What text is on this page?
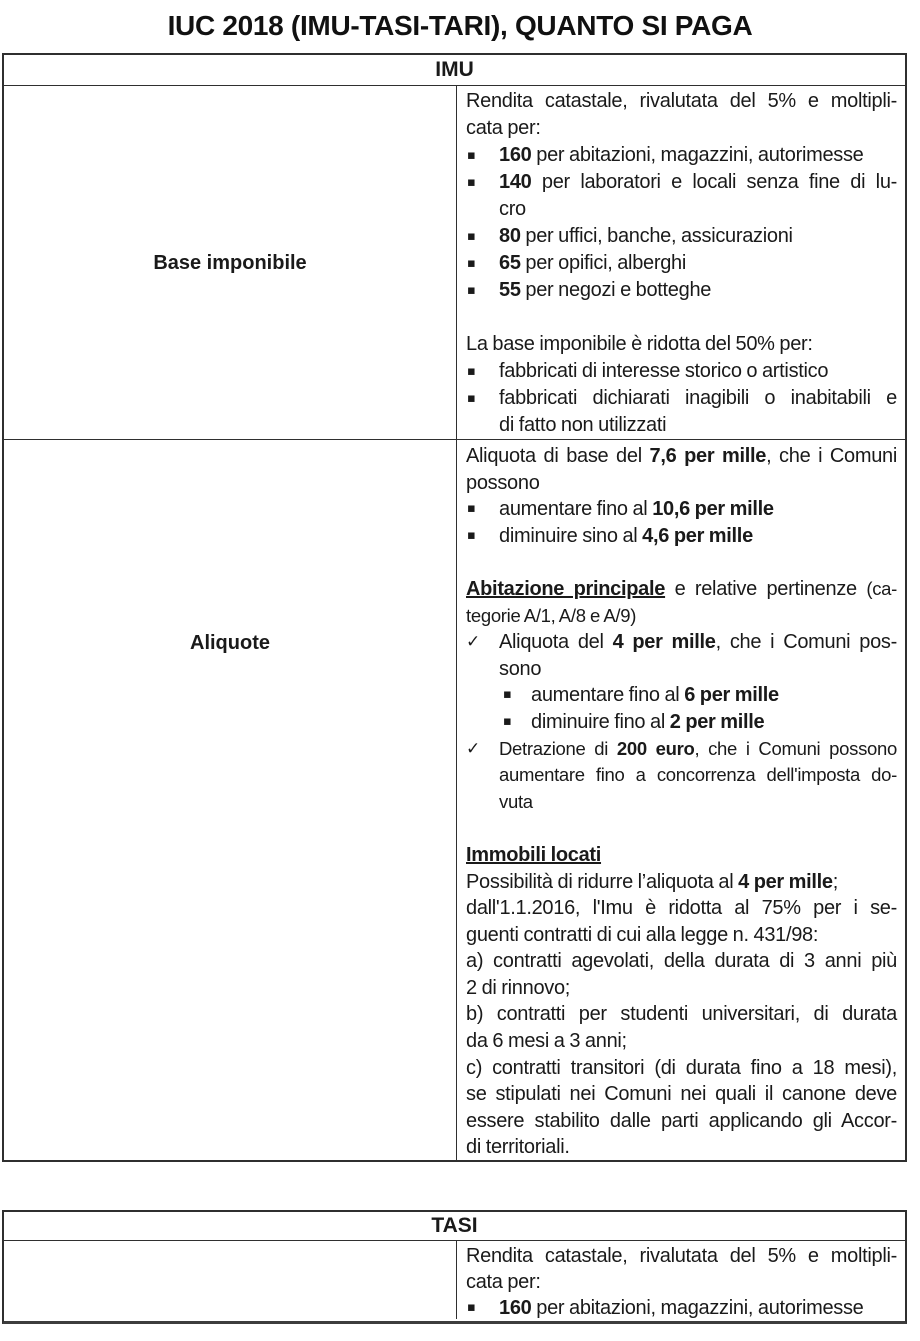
IUC 2018 (IMU-TASI-TARI), QUANTO SI PAGA
IMU
Base imponibile
Rendita catastale, rivalutata del 5% e moltipli-
cata per:
▪ 160 per abitazioni, magazzini, autorimesse
▪ 140 per laboratori e locali senza fine di lu-
cro
▪ 80 per uffici, banche, assicurazioni
▪ 65 per opifici, alberghi
▪ 55 per negozi e botteghe
La base imponibile è ridotta del 50% per:
▪ fabbricati di interesse storico o artistico
▪ fabbricati dichiarati inagibili o inabitabili e
di fatto non utilizzati
Aliquote
Aliquota di base del 7,6 per mille, che i Comuni
possono
▪ aumentare fino al 10,6 per mille
▪ diminuire sino al 4,6 per mille
Abitazione principale e relative pertinenze (ca-
tegorie A/1, A/8 e A/9)
✓ Aliquota del 4 per mille, che i Comuni pos-
sono
▪ aumentare fino al 6 per mille
▪ diminuire fino al 2 per mille
✓ Detrazione di 200 euro, che i Comuni possono
aumentare fino a concorrenza dell'imposta do-
vuta
Immobili locati
Possibilità di ridurre l’aliquota al 4 per mille;
dall'1.1.2016, l'Imu è ridotta al 75% per i se-
guenti contratti di cui alla legge n. 431/98:
a) contratti agevolati, della durata di 3 anni più
2 di rinnovo;
b) contratti per studenti universitari, di durata
da 6 mesi a 3 anni;
c) contratti transitori (di durata fino a 18 mesi),
se stipulati nei Comuni nei quali il canone deve
essere stabilito dalle parti applicando gli Accor-
di territoriali.
TASI
Rendita catastale, rivalutata del 5% e moltipli-
cata per:
▪ 160 per abitazioni, magazzini, autorimesse
